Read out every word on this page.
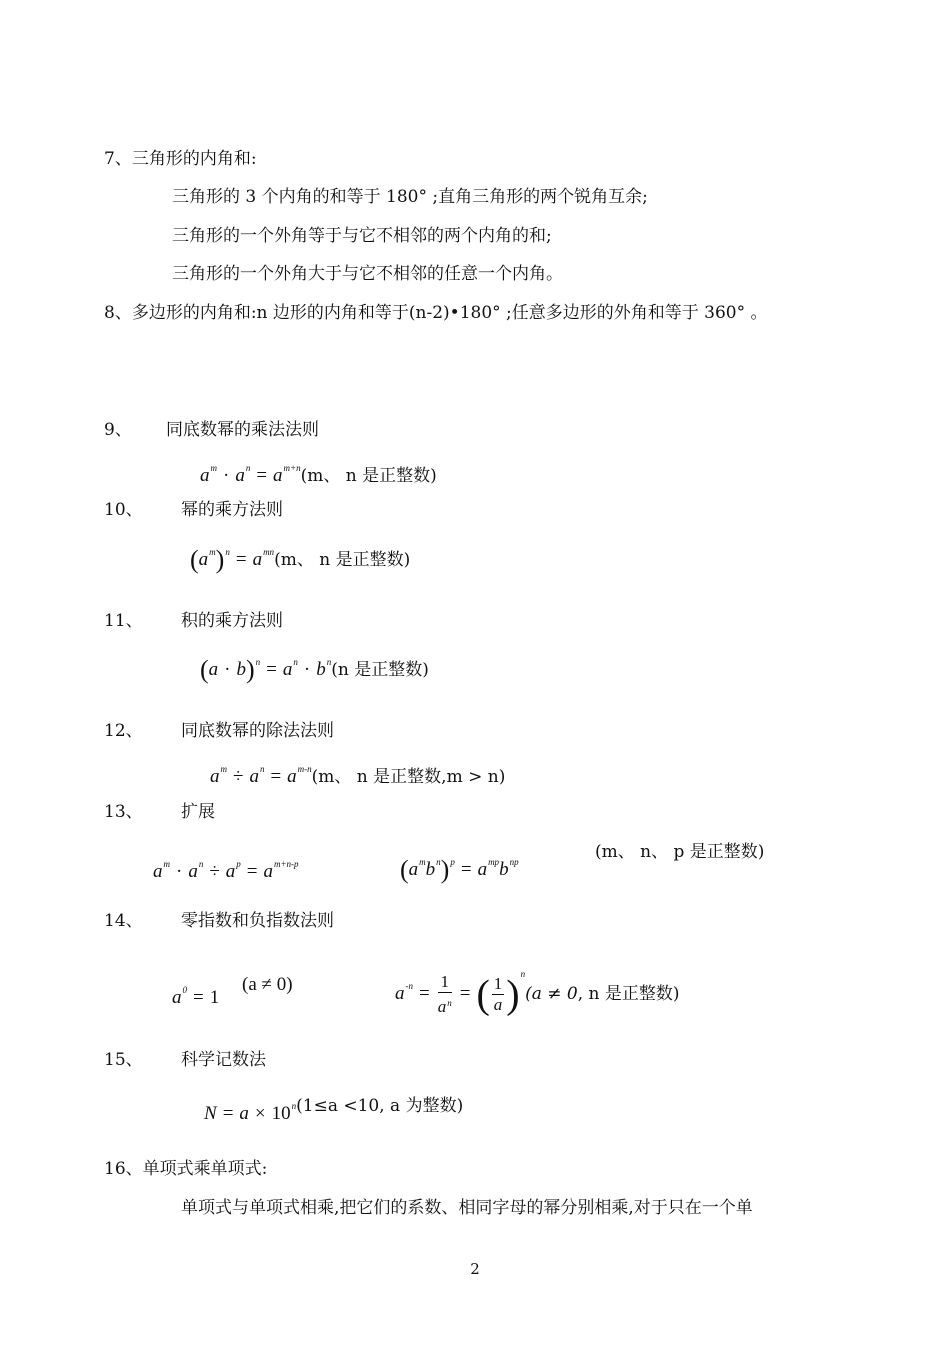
7、三角形的内角和:
三角形的 3 个内角的和等于 180° ;直角三角形的两个锐角互余;
三角形的一个外角等于与它不相邻的两个内角的和;
三角形的一个外角大于与它不相邻的任意一个内角。
8、多边形的内角和:n 边形的内角和等于(n-2)•180° ;任意多边形的外角和等于 360° 。
9、 同底数幂的乘法法则
$a^m \cdot a^n = a^{m+n}(m$、 n 是正整数)
10、 幂的乘方法则
$(a^m)^n = a^{mn}(m$、 n 是正整数)
11、 积的乘方法则
$(a \cdot b)^n = a^n \cdot b^n(n$ 是正整数)
12、 同底数幂的除法法则
$a^m \div a^n = a^{m-n}(m$、 n 是正整数,m > n)
13、 扩展
$a^m \cdot a^n \div a^p = a^{m+n-p}$	$(a^mb^n)^p = a^{mp}b^{np}$	(m、 n、 p 是正整数)
14、 零指数和负指数法则
$a^0 = 1$
(a ≠ 0)	$a^{-n} = \frac{1}{a^n}$ = ( $\frac{1}{a} )^n(a \ne 0$, n 是正整数)
15、 科学记数法
$N = a \times 10^n(1\le a <10$, a 为整数)
16、单项式乘单项式:
单项式与单项式相乘,把它们的系数、相同字母的幂分别相乘,对于只在一个单
2
